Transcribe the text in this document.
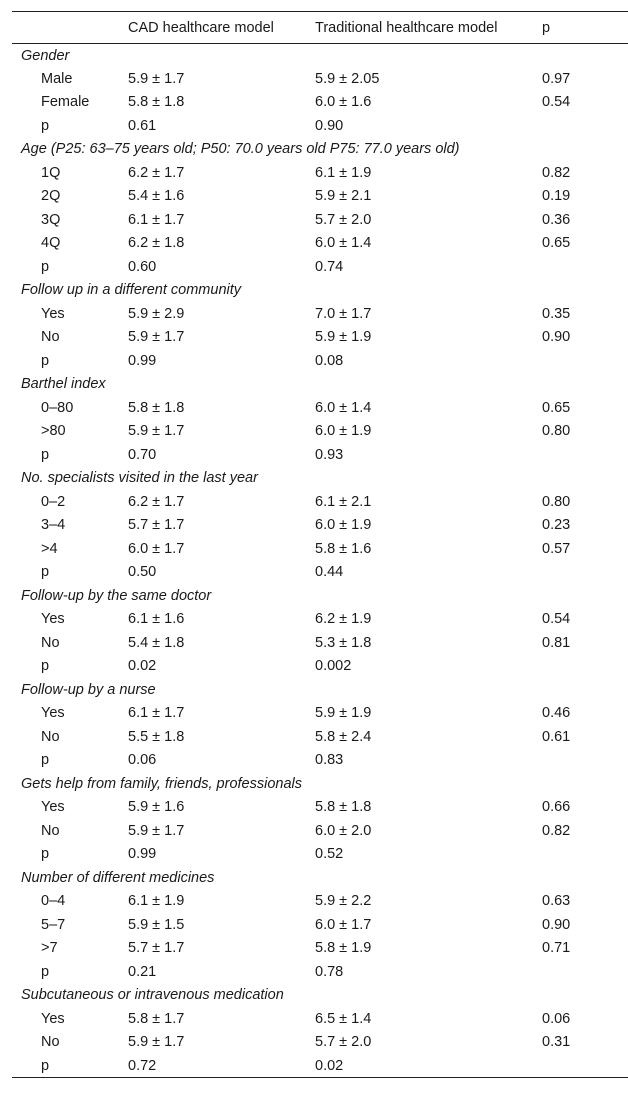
	CAD healthcare model	Traditional healthcare model	p
Gender			
Male	5.9 ± 1.7	5.9 ± 2.05	0.97
Female	5.8 ± 1.8	6.0 ± 1.6	0.54
p	0.61	0.90	
Age (P25: 63–75 years old; P50: 70.0 years old P75: 77.0 years old)			
1Q	6.2 ± 1.7	6.1 ± 1.9	0.82
2Q	5.4 ± 1.6	5.9 ± 2.1	0.19
3Q	6.1 ± 1.7	5.7 ± 2.0	0.36
4Q	6.2 ± 1.8	6.0 ± 1.4	0.65
p	0.60	0.74	
Follow up in a different community			
Yes	5.9 ± 2.9	7.0 ± 1.7	0.35
No	5.9 ± 1.7	5.9 ± 1.9	0.90
p	0.99	0.08	
Barthel index			
0–80	5.8 ± 1.8	6.0 ± 1.4	0.65
>80	5.9 ± 1.7	6.0 ± 1.9	0.80
p	0.70	0.93	
No. specialists visited in the last year			
0–2	6.2 ± 1.7	6.1 ± 2.1	0.80
3–4	5.7 ± 1.7	6.0 ± 1.9	0.23
>4	6.0 ± 1.7	5.8 ± 1.6	0.57
p	0.50	0.44	
Follow-up by the same doctor			
Yes	6.1 ± 1.6	6.2 ± 1.9	0.54
No	5.4 ± 1.8	5.3 ± 1.8	0.81
p	0.02	0.002	
Follow-up by a nurse			
Yes	6.1 ± 1.7	5.9 ± 1.9	0.46
No	5.5 ± 1.8	5.8 ± 2.4	0.61
p	0.06	0.83	
Gets help from family, friends, professionals			
Yes	5.9 ± 1.6	5.8 ± 1.8	0.66
No	5.9 ± 1.7	6.0 ± 2.0	0.82
p	0.99	0.52	
Number of different medicines			
0–4	6.1 ± 1.9	5.9 ± 2.2	0.63
5–7	5.9 ± 1.5	6.0 ± 1.7	0.90
>7	5.7 ± 1.7	5.8 ± 1.9	0.71
p	0.21	0.78	
Subcutaneous or intravenous medication			
Yes	5.8 ± 1.7	6.5 ± 1.4	0.06
No	5.9 ± 1.7	5.7 ± 2.0	0.31
p	0.72	0.02	
